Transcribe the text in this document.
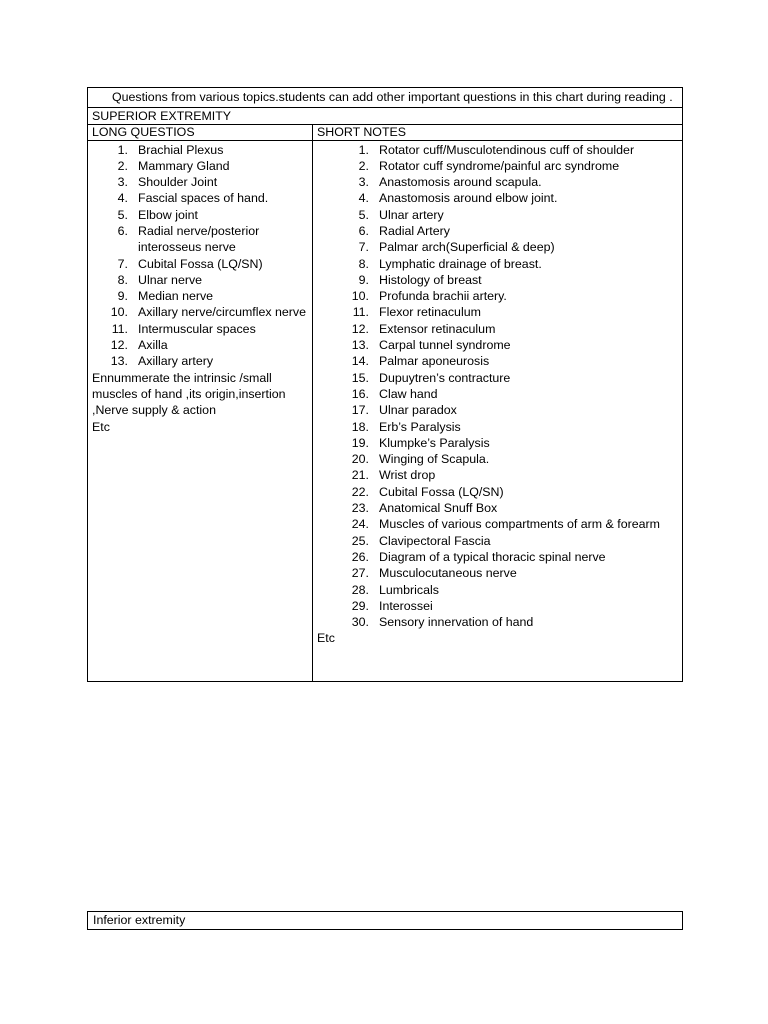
Questions from various topics.students can add other important questions in this chart during reading .
SUPERIOR EXTREMITY
LONG QUESTIOS
1. Brachial Plexus
2. Mammary Gland
3. Shoulder Joint
4. Fascial spaces of hand.
5. Elbow joint
6. Radial nerve/posterior interosseus nerve
7. Cubital Fossa (LQ/SN)
8. Ulnar nerve
9. Median nerve
10. Axillary nerve/circumflex nerve
11. Intermuscular spaces
12. Axilla
13. Axillary artery
Ennummerate the intrinsic /small muscles of hand ,its origin,insertion ,Nerve supply & action
Etc
SHORT NOTES
1. Rotator cuff/Musculotendinous cuff of shoulder
2. Rotator cuff syndrome/painful arc syndrome
3. Anastomosis around scapula.
4. Anastomosis around elbow joint.
5. Ulnar artery
6. Radial Artery
7. Palmar arch(Superficial & deep)
8. Lymphatic drainage of breast.
9. Histology of breast
10. Profunda brachii artery.
11. Flexor retinaculum
12. Extensor retinaculum
13. Carpal tunnel syndrome
14. Palmar aponeurosis
15. Dupuytren’s contracture
16. Claw hand
17. Ulnar paradox
18. Erb’s Paralysis
19. Klumpke’s Paralysis
20. Winging of Scapula.
21. Wrist drop
22. Cubital Fossa (LQ/SN)
23. Anatomical Snuff Box
24. Muscles of various compartments of arm & forearm
25. Clavipectoral Fascia
26. Diagram of a typical thoracic spinal nerve
27. Musculocutaneous nerve
28. Lumbricals
29. Interossei
30. Sensory innervation of hand
Etc
Inferior extremity
